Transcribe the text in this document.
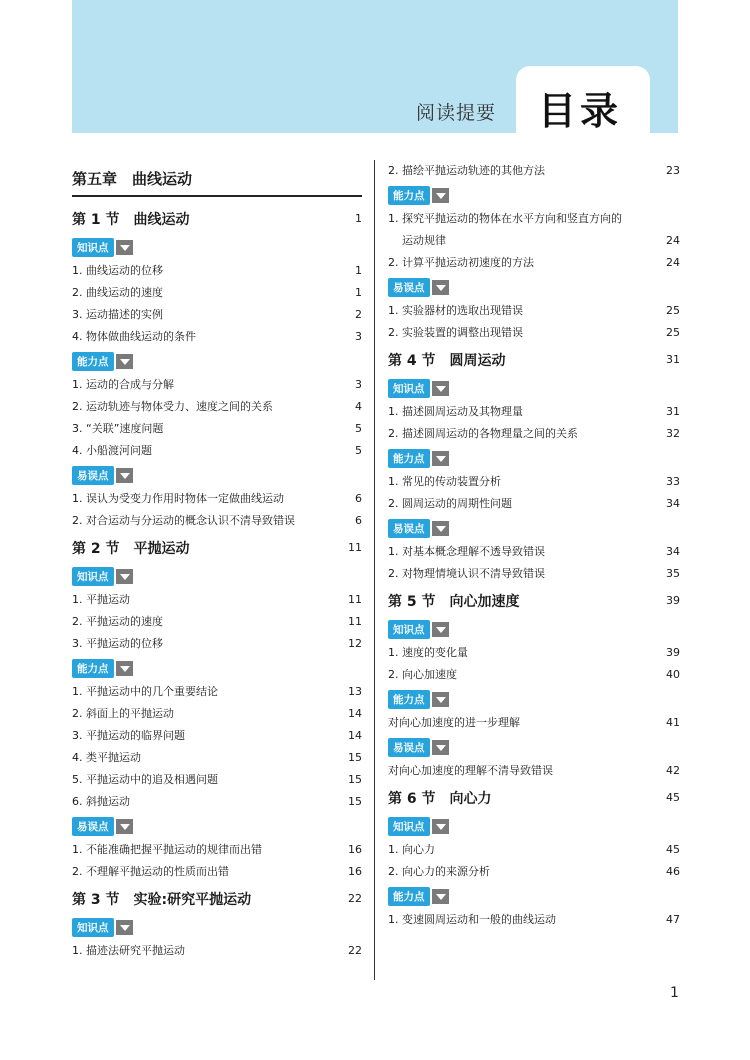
阅读提要 目录
第五章　曲线运动
第 1 节　曲线运动	1
知识点
1. 曲线运动的位移	1
2. 曲线运动的速度	1
3. 运动描述的实例	2
4. 物体做曲线运动的条件	3
能力点
1. 运动的合成与分解	3
2. 运动轨迹与物体受力、速度之间的关系	4
3. “关联”速度问题	5
4. 小船渡河问题	5
易误点
1. 误认为受变力作用时物体一定做曲线运动	6
2. 对合运动与分运动的概念认识不清导致错误	6
第 2 节　平抛运动	11
知识点
1. 平抛运动	11
2. 平抛运动的速度	11
3. 平抛运动的位移	12
能力点
1. 平抛运动中的几个重要结论	13
2. 斜面上的平抛运动	14
3. 平抛运动的临界问题	14
4. 类平抛运动	15
5. 平抛运动中的追及相遇问题	15
6. 斜抛运动	15
易误点
1. 不能准确把握平抛运动的规律而出错	16
2. 不理解平抛运动的性质而出错	16
第 3 节　实验:研究平抛运动	22
知识点
1. 描迹法研究平抛运动	22
2. 描绘平抛运动轨迹的其他方法	23
能力点
1. 探究平抛运动的物体在水平方向和竖直方向的
运动规律	24
2. 计算平抛运动初速度的方法	24
易误点
1. 实验器材的选取出现错误	25
2. 实验装置的调整出现错误	25
第 4 节　圆周运动	31
知识点
1. 描述圆周运动及其物理量	31
2. 描述圆周运动的各物理量之间的关系	32
能力点
1. 常见的传动装置分析	33
2. 圆周运动的周期性问题	34
易误点
1. 对基本概念理解不透导致错误	34
2. 对物理情境认识不清导致错误	35
第 5 节　向心加速度	39
知识点
1. 速度的变化量	39
2. 向心加速度	40
能力点
对向心加速度的进一步理解	41
易误点
对向心加速度的理解不清导致错误	42
第 6 节　向心力	45
知识点
1. 向心力	45
2. 向心力的来源分析	46
能力点
1. 变速圆周运动和一般的曲线运动	47
1
